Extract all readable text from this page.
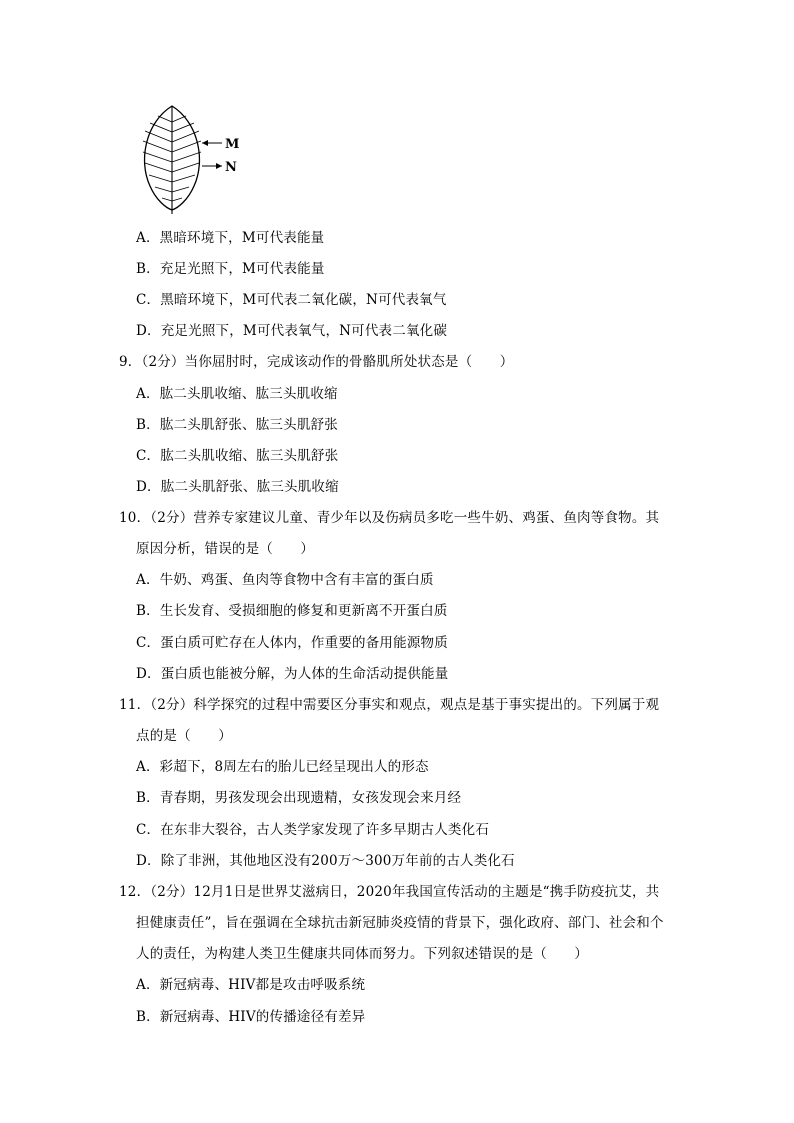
M
N
A．黑暗环境下，M可代表能量
B．充足光照下，M可代表能量
C．黑暗环境下，M可代表二氧化碳，N可代表氧气
D．充足光照下，M可代表氧气，N可代表二氧化碳
9．（2分）当你屈肘时，完成该动作的骨骼肌所处状态是（　　）
A．肱二头肌收缩、肱三头肌收缩
B．肱二头肌舒张、肱三头肌舒张
C．肱二头肌收缩、肱三头肌舒张
D．肱二头肌舒张、肱三头肌收缩
10．（2分）营养专家建议儿童、青少年以及伤病员多吃一些牛奶、鸡蛋、鱼肉等食物。其
原因分析，错误的是（　　）
A．牛奶、鸡蛋、鱼肉等食物中含有丰富的蛋白质
B．生长发育、受损细胞的修复和更新离不开蛋白质
C．蛋白质可贮存在人体内，作重要的备用能源物质
D．蛋白质也能被分解，为人体的生命活动提供能量
11．（2分）科学探究的过程中需要区分事实和观点，观点是基于事实提出的。下列属于观
点的是（　　）
A．彩超下，8周左右的胎儿已经呈现出人的形态
B．青春期，男孩发现会出现遗精，女孩发现会来月经
C．在东非大裂谷，古人类学家发现了许多早期古人类化石
D．除了非洲，其他地区没有200万～300万年前的古人类化石
12．（2分）12月1日是世界艾滋病日，2020年我国宣传活动的主题是“携手防疫抗艾，共
担健康责任”，旨在强调在全球抗击新冠肺炎疫情的背景下，强化政府、部门、社会和个
人的责任，为构建人类卫生健康共同体而努力。下列叙述错误的是（　　）
A．新冠病毒、HIV都是攻击呼吸系统
B．新冠病毒、HIV的传播途径有差异
